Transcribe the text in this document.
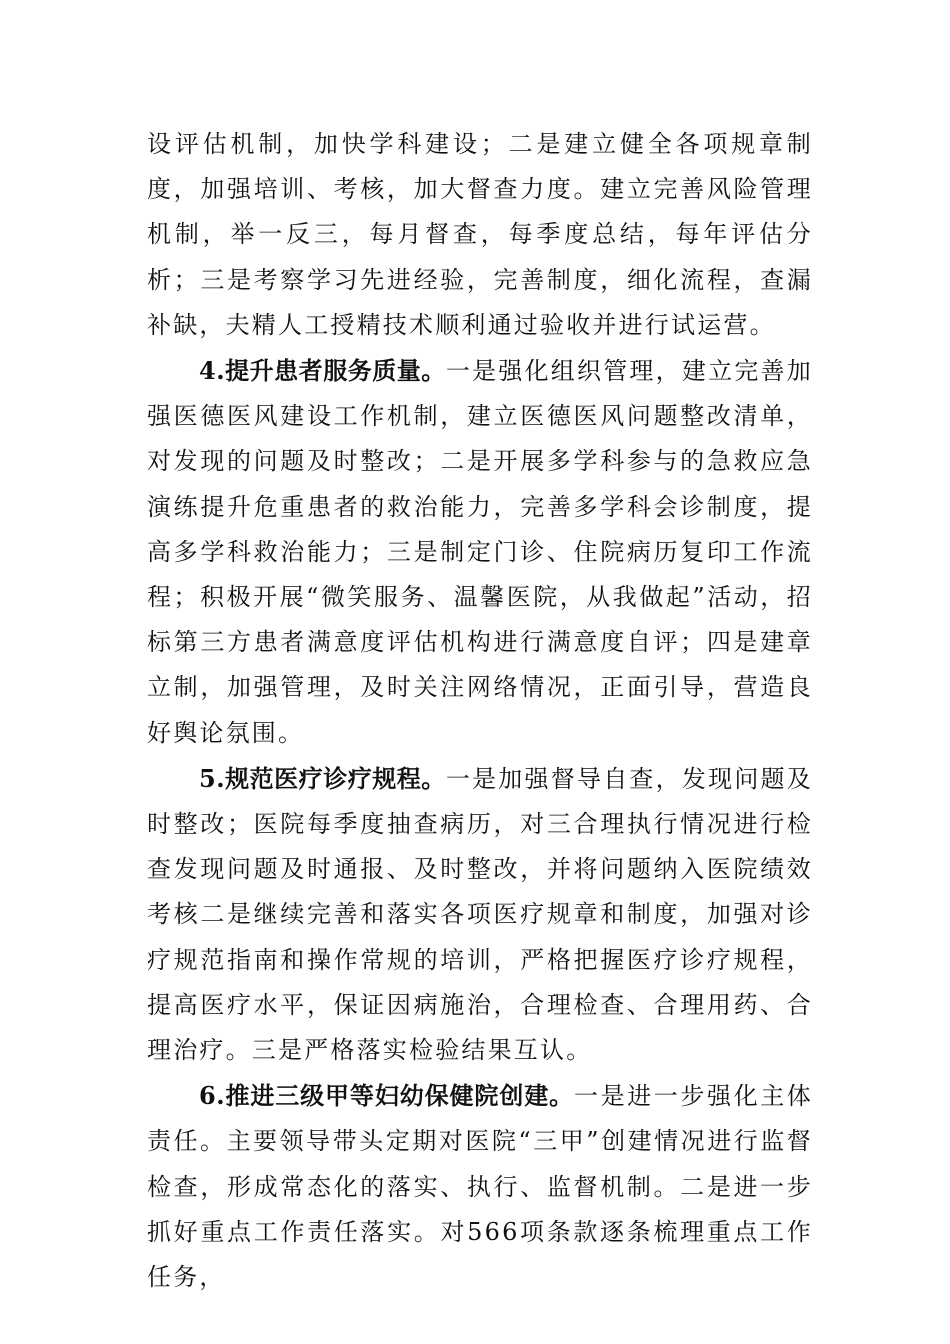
设评估机制，加快学科建设；二是建立健全各项规章制度，加强培训、考核，加大督查力度。建立完善风险管理机制，举一反三，每月督查，每季度总结，每年评估分析；三是考察学习先进经验，完善制度，细化流程，查漏补缺，夫精人工授精技术顺利通过验收并进行试运营。

4.提升患者服务质量。一是强化组织管理，建立完善加强医德医风建设工作机制，建立医德医风问题整改清单，对发现的问题及时整改；二是开展多学科参与的急救应急演练提升危重患者的救治能力，完善多学科会诊制度，提高多学科救治能力；三是制定门诊、住院病历复印工作流程；积极开展“微笑服务、温馨医院，从我做起”活动，招标第三方患者满意度评估机构进行满意度自评；四是建章立制，加强管理，及时关注网络情况，正面引导，营造良好舆论氛围。

5.规范医疗诊疗规程。一是加强督导自查，发现问题及时整改；医院每季度抽查病历，对三合理执行情况进行检查发现问题及时通报、及时整改，并将问题纳入医院绩效考核二是继续完善和落实各项医疗规章和制度，加强对诊疗规范指南和操作常规的培训，严格把握医疗诊疗规程，提高医疗水平，保证因病施治，合理检查、合理用药、合理治疗。三是严格落实检验结果互认。

6.推进三级甲等妇幼保健院创建。一是进一步强化主体责任。主要领导带头定期对医院“三甲”创建情况进行监督检查，形成常态化的落实、执行、监督机制。二是进一步抓好重点工作责任落实。对566项条款逐条梳理重点工作任务，
